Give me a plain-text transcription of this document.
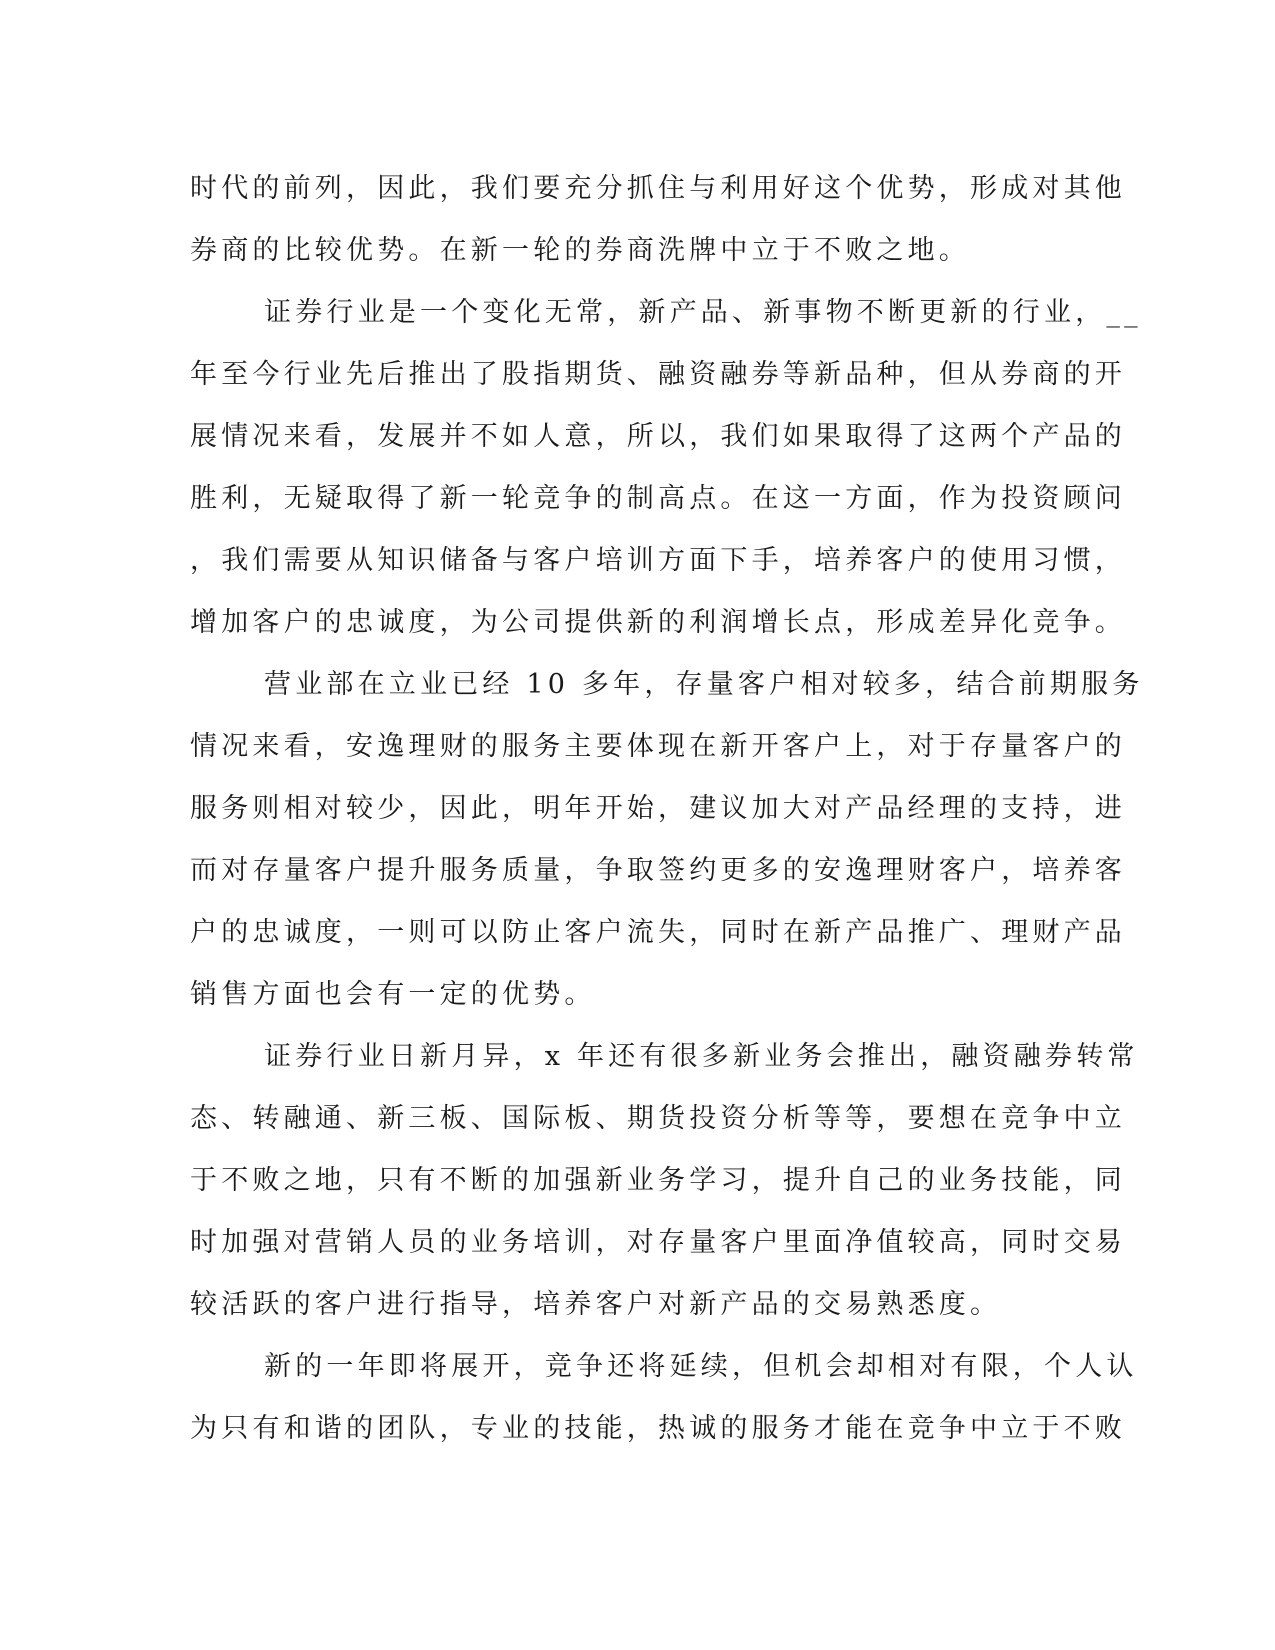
时代的前列，因此，我们要充分抓住与利用好这个优势，形成对其他
券商的比较优势。在新一轮的券商洗牌中立于不败之地。
证券行业是一个变化无常，新产品、新事物不断更新的行业，__
年至今行业先后推出了股指期货、融资融券等新品种，但从券商的开
展情况来看，发展并不如人意，所以，我们如果取得了这两个产品的
胜利，无疑取得了新一轮竞争的制高点。在这一方面，作为投资顾问
，我们需要从知识储备与客户培训方面下手，培养客户的使用习惯，
增加客户的忠诚度，为公司提供新的利润增长点，形成差异化竞争。
营业部在立业已经 10 多年，存量客户相对较多，结合前期服务
情况来看，安逸理财的服务主要体现在新开客户上，对于存量客户的
服务则相对较少，因此，明年开始，建议加大对产品经理的支持，进
而对存量客户提升服务质量，争取签约更多的安逸理财客户，培养客
户的忠诚度，一则可以防止客户流失，同时在新产品推广、理财产品
销售方面也会有一定的优势。
证券行业日新月异，x 年还有很多新业务会推出，融资融券转常
态、转融通、新三板、国际板、期货投资分析等等，要想在竞争中立
于不败之地，只有不断的加强新业务学习，提升自己的业务技能，同
时加强对营销人员的业务培训，对存量客户里面净值较高，同时交易
较活跃的客户进行指导，培养客户对新产品的交易熟悉度。
新的一年即将展开，竞争还将延续，但机会却相对有限，个人认
为只有和谐的团队，专业的技能，热诚的服务才能在竞争中立于不败
